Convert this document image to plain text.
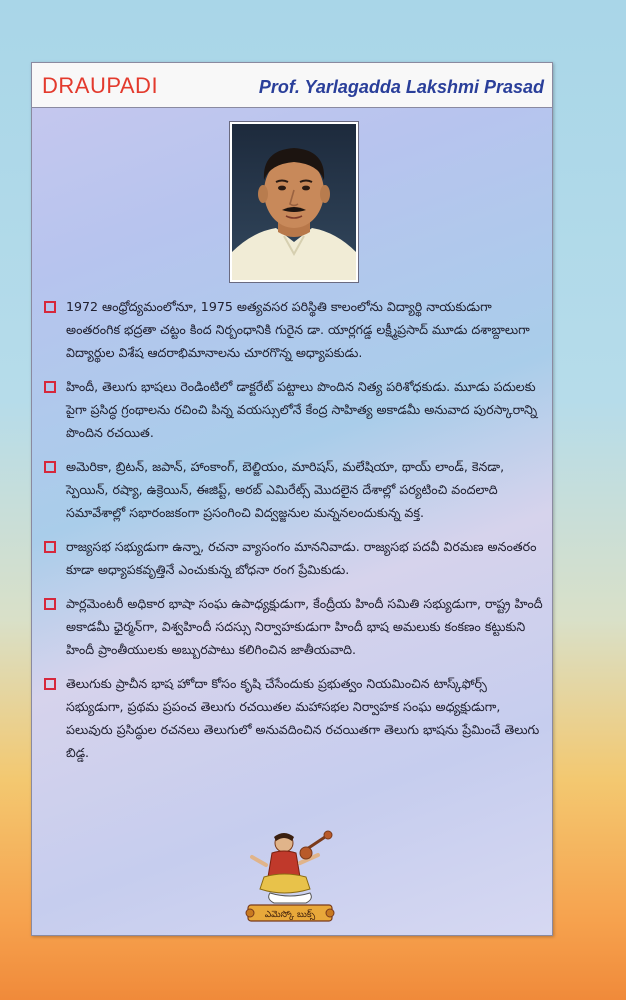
DRAUPADI	Prof. Yarlagadda Lakshmi Prasad
1972 ఆంధ్రోద్యమంలోనూ, 1975 అత్యవసర పరిస్థితి కాలంలోను విద్యార్థి నాయకుడుగా అంతరంగిక భద్రతా చట్టం కింద నిర్బంధానికి గురైన డా. యార్లగడ్డ లక్ష్మీప్రసాద్ మూడు దశాబ్దాలుగా విద్యార్థుల విశేష ఆదరాభిమానాలను చూరగొన్న అధ్యాపకుడు.
హిందీ, తెలుగు భాషలు రెండింటిలో డాక్టరేట్ పట్టాలు పొందిన నిత్య పరిశోధకుడు. మూడు పదులకు పైగా ప్రసిద్ధ గ్రంథాలను రచించి పిన్న వయస్సులోనే కేంద్ర సాహిత్య అకాడమీ అనువాద పురస్కారాన్ని పొందిన రచయిత.
అమెరికా, బ్రిటన్, జపాన్, హాంకాంగ్, బెల్జియం, మారిషస్, మలేషియా, థాయ్ లాండ్, కెనడా, స్పెయిన్, రష్యా, ఉక్రెయిన్, ఈజిప్ట్, అరబ్ ఎమిరేట్స్ మొదలైన దేశాల్లో పర్యటించి వందలాది సమావేశాల్లో సభారంజకంగా ప్రసంగించి విద్వజ్జనుల మన్ననలందుకున్న వక్త.
రాజ్యసభ సభ్యుడుగా ఉన్నా, రచనా వ్యాసంగం మాననివాడు. రాజ్యసభ పదవీ విరమణ అనంతరం కూడా అధ్యాపకవృత్తినే ఎంచుకున్న బోధనా రంగ ప్రేమికుడు.
పార్లమెంటరీ అధికార భాషా సంఘ ఉపాధ్యక్షుడుగా, కేంద్రీయ హిందీ సమితి సభ్యుడుగా, రాష్ట్ర హిందీ అకాడమీ ఛైర్మన్‌గా, విశ్వహిందీ సదస్సు నిర్వాహకుడుగా హిందీ భాష అమలుకు కంకణం కట్టుకుని హిందీ ప్రాంతీయులకు అబ్బురపాటు కలిగించిన జాతీయవాది.
తెలుగుకు ప్రాచీన భాష హోదా కోసం కృషి చేసేందుకు ప్రభుత్వం నియమించిన టాస్క్‌ఫోర్స్ సభ్యుడుగా, ప్రథమ ప్రపంచ తెలుగు రచయితల మహాసభల నిర్వాహక సంఘ అధ్యక్షుడుగా, పలువురు ప్రసిద్ధుల రచనలు తెలుగులో అనువదించిన రచయితగా తెలుగు భాషను ప్రేమించే తెలుగు బిడ్డ.
ఎమెస్కో బుక్స్
